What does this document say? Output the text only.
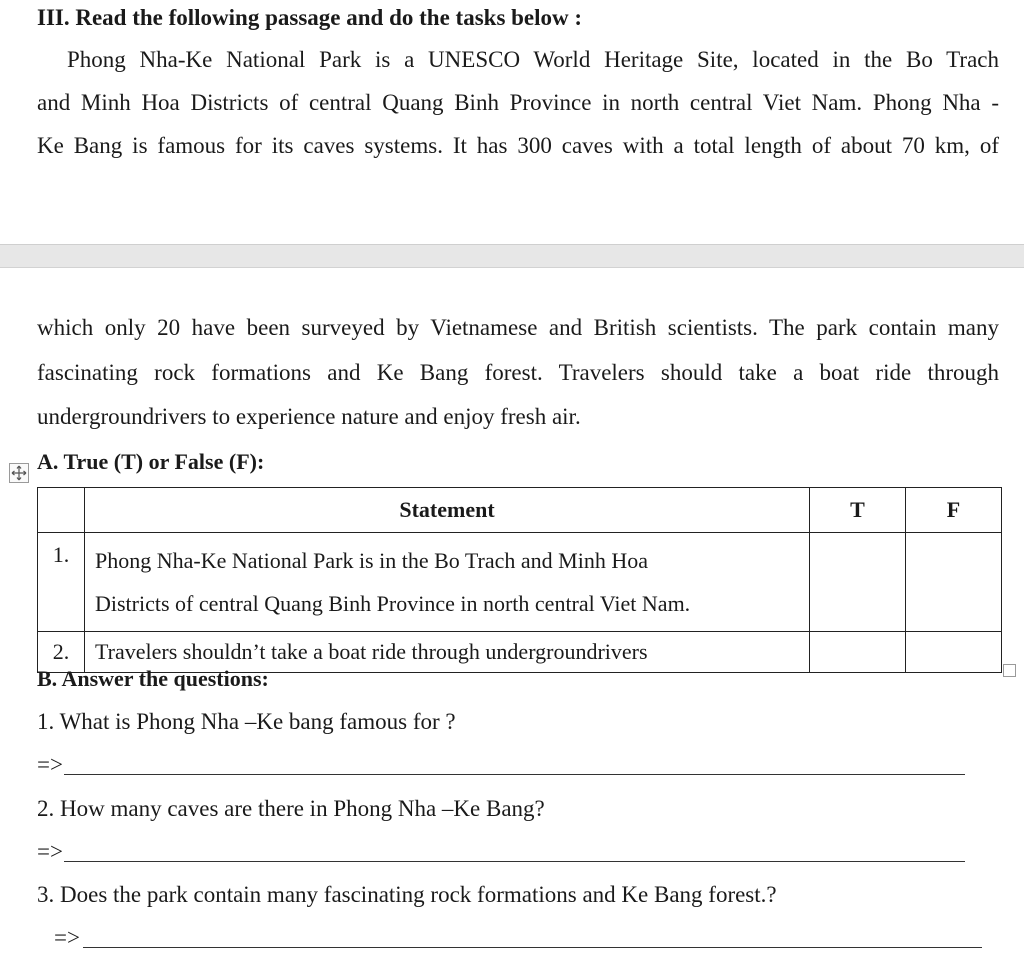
III. Read the following passage and do the tasks below :
Phong Nha-Ke National Park is a UNESCO World Heritage Site, located in the Bo Trach
and Minh Hoa Districts of central Quang Binh Province in north central Viet Nam. Phong Nha -
Ke Bang is famous for its caves systems. It has 300 caves with a total length of about 70 km, of
which only 20 have been surveyed by Vietnamese and British scientists. The park contain many
fascinating rock formations and Ke Bang forest. Travelers should take a boat ride through
undergroundrivers to experience nature and enjoy fresh air.
A. True (T) or False (F):
	Statement	T	F

1.	Phong Nha-Ke National Park is in the Bo Trach and Minh Hoa
Districts of central Quang Binh Province in north central Viet Nam.		

2.	Travelers shouldn’t take a boat ride through undergroundrivers		

B. Answer the questions:
1. What is Phong Nha –Ke bang famous for ?
=>
2. How many caves are there in Phong Nha –Ke Bang?
=>
3. Does the park contain many fascinating rock formations and Ke Bang forest.?
=>
